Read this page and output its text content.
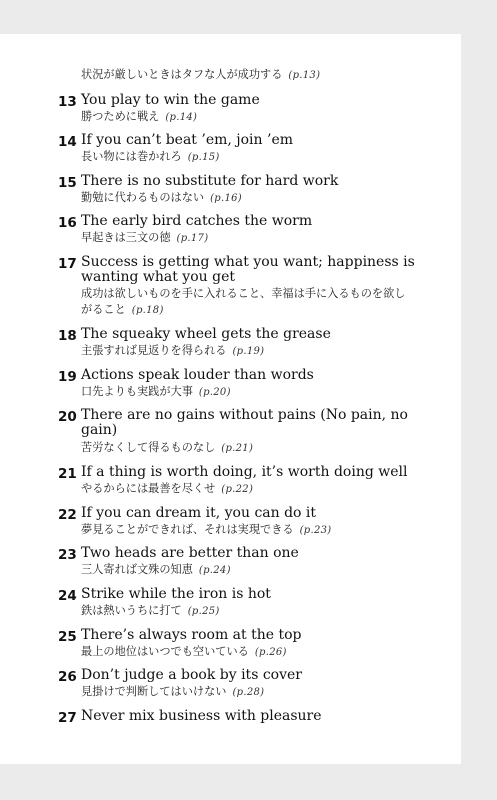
状況が厳しいときはタフな人が成功する (p.13)
13 You play to win the game
勝つために戦え (p.14)
14 If you can’t beat ’em, join ’em
長い物には巻かれろ (p.15)
15 There is no substitute for hard work
勤勉に代わるものはない (p.16)
16 The early bird catches the worm
早起きは三文の徳 (p.17)
17 Success is getting what you want; happiness is
wanting what you get
成功は欲しいものを手に入れること、幸福は手に入るものを欲し
がること (p.18)
18 The squeaky wheel gets the grease
主張すれば見返りを得られる (p.19)
19 Actions speak louder than words
口先よりも実践が大事 (p.20)
20 There are no gains without pains (No pain, no
gain)
苦労なくして得るものなし (p.21)
21 If a thing is worth doing, it’s worth doing well
やるからには最善を尽くせ (p.22)
22 If you can dream it, you can do it
夢見ることができれば、それは実現できる (p.23)
23 Two heads are better than one
三人寄れば文殊の知恵 (p.24)
24 Strike while the iron is hot
鉄は熱いうちに打て (p.25)
25 There’s always room at the top
最上の地位はいつでも空いている (p.26)
26 Don’t judge a book by its cover
見掛けで判断してはいけない (p.28)
27 Never mix business with pleasure
